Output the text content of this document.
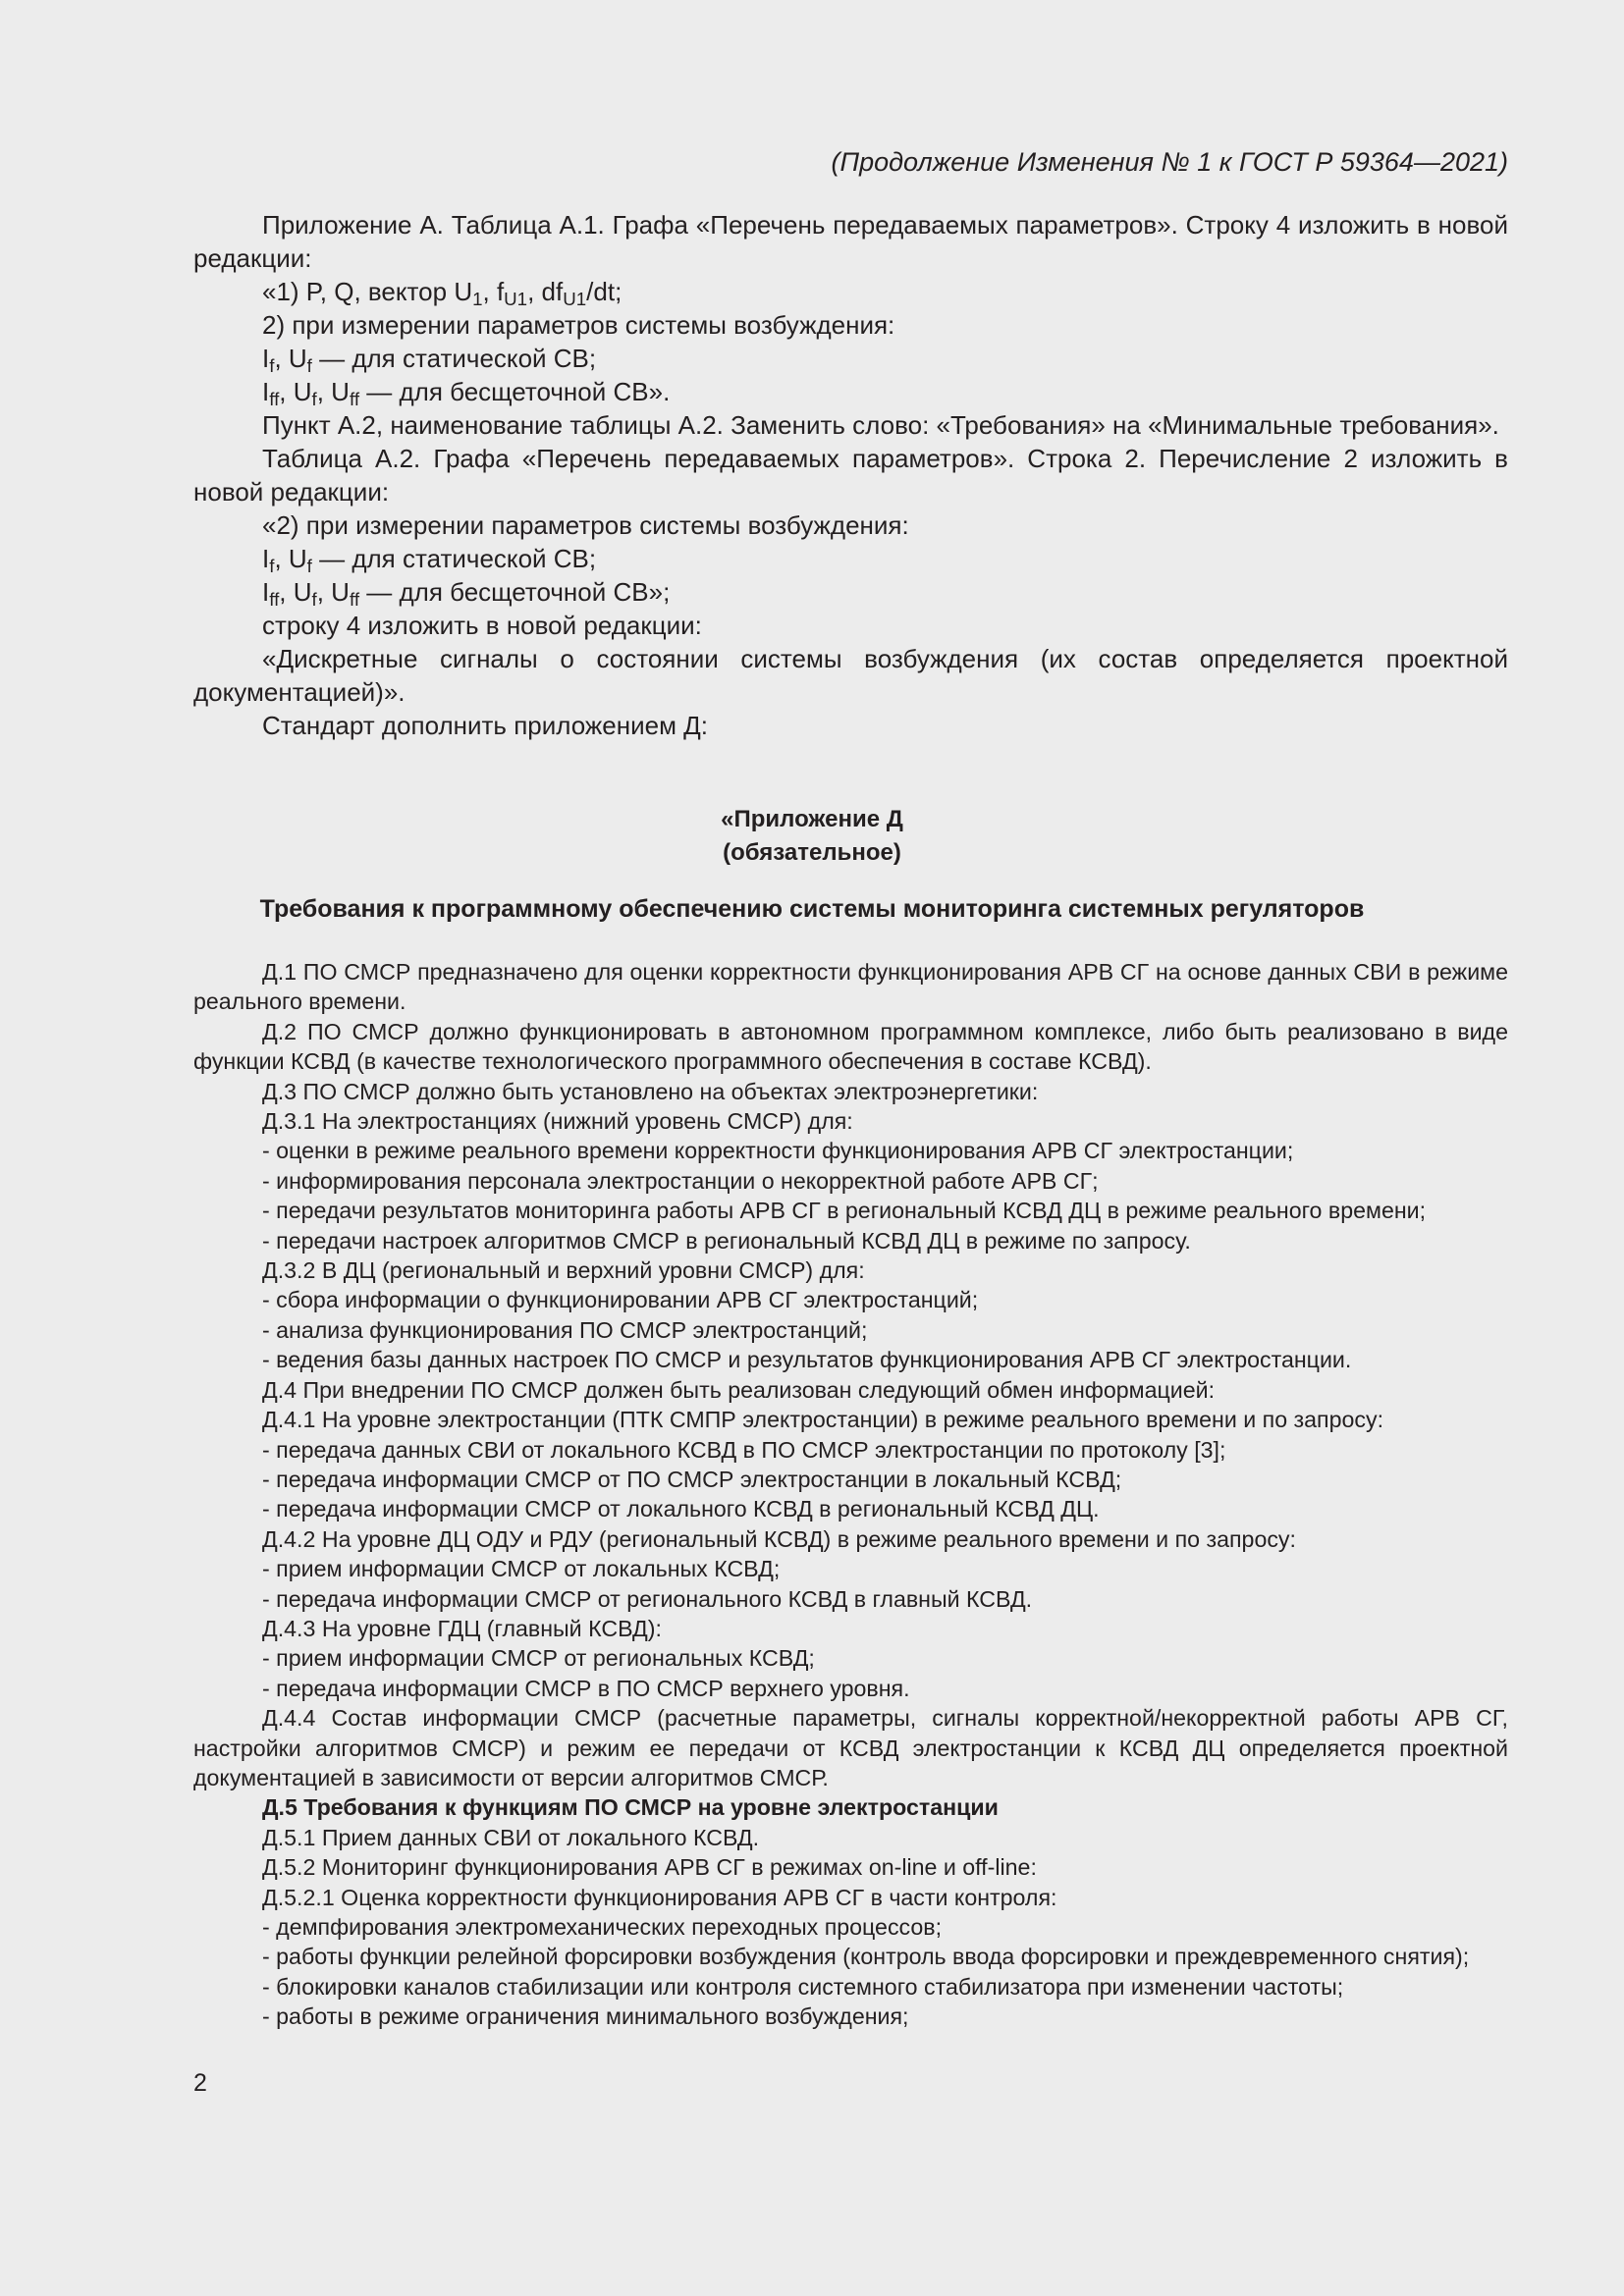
(Продолжение Изменения № 1 к ГОСТ Р 59364—2021)

Приложение А. Таблица А.1. Графа «Перечень передаваемых параметров». Строку 4 изложить в новой редакции:

«1) P, Q, вектор $U_1$, $f_{U1}$, $df_{U1}/dt$;

2) при измерении параметров системы возбуждения:

$I_f$, $U_f$ — для статической СВ;

$I_{ff}$, $U_f$, $U_{ff}$ — для бесщеточной СВ».

Пункт А.2, наименование таблицы А.2. Заменить слово: «Требования» на «Минимальные требования».

Таблица А.2. Графа «Перечень передаваемых параметров». Строка 2. Перечисление 2 изложить в новой редакции:

«2) при измерении параметров системы возбуждения:

$I_f$, $U_f$ — для статической СВ;

$I_{ff}$, $U_f$, $U_{ff}$ — для бесщеточной СВ»;

строку 4 изложить в новой редакции:

«Дискретные сигналы о состоянии системы возбуждения (их состав определяется проектной документацией)».

Стандарт дополнить приложением Д:

«Приложение Д
(обязательное)
Требования к программному обеспечению системы мониторинга системных регуляторов

Д.1 ПО СМСР предназначено для оценки корректности функционирования АРВ СГ на основе данных СВИ в режиме реального времени.

Д.2 ПО СМСР должно функционировать в автономном программном комплексе, либо быть реализовано в виде функции КСВД (в качестве технологического программного обеспечения в составе КСВД).

Д.3 ПО СМСР должно быть установлено на объектах электроэнергетики:

Д.3.1 На электростанциях (нижний уровень СМСР) для:

- оценки в режиме реального времени корректности функционирования АРВ СГ электростанции;

- информирования персонала электростанции о некорректной работе АРВ СГ;

- передачи результатов мониторинга работы АРВ СГ в региональный КСВД ДЦ в режиме реального времени;

- передачи настроек алгоритмов СМСР в региональный КСВД ДЦ в режиме по запросу.

Д.3.2 В ДЦ (региональный и верхний уровни СМСР) для:

- сбора информации о функционировании АРВ СГ электростанций;

- анализа функционирования ПО СМСР электростанций;

- ведения базы данных настроек ПО СМСР и результатов функционирования АРВ СГ электростанции.

Д.4 При внедрении ПО СМСР должен быть реализован следующий обмен информацией:

Д.4.1 На уровне электростанции (ПТК СМПР электростанции) в режиме реального времени и по запросу:

- передача данных СВИ от локального КСВД в ПО СМСР электростанции по протоколу [3];

- передача информации СМСР от ПО СМСР электростанции в локальный КСВД;

- передача информации СМСР от локального КСВД в региональный КСВД ДЦ.

Д.4.2 На уровне ДЦ ОДУ и РДУ (региональный КСВД) в режиме реального времени и по запросу:

- прием информации СМСР от локальных КСВД;

- передача информации СМСР от регионального КСВД в главный КСВД.

Д.4.3 На уровне ГДЦ (главный КСВД):

- прием информации СМСР от региональных КСВД;

- передача информации СМСР в ПО СМСР верхнего уровня.

Д.4.4 Состав информации СМСР (расчетные параметры, сигналы корректной/некорректной работы АРВ СГ, настройки алгоритмов СМСР) и режим ее передачи от КСВД электростанции к КСВД ДЦ определяется проектной документацией в зависимости от версии алгоритмов СМСР.

Д.5 Требования к функциям ПО СМСР на уровне электростанции

Д.5.1 Прием данных СВИ от локального КСВД.

Д.5.2 Мониторинг функционирования АРВ СГ в режимах on-line и off-line:

Д.5.2.1 Оценка корректности функционирования АРВ СГ в части контроля:

- демпфирования электромеханических переходных процессов;

- работы функции релейной форсировки возбуждения (контроль ввода форсировки и преждевременного снятия);

- блокировки каналов стабилизации или контроля системного стабилизатора при изменении частоты;

- работы в режиме ограничения минимального возбуждения;

2
